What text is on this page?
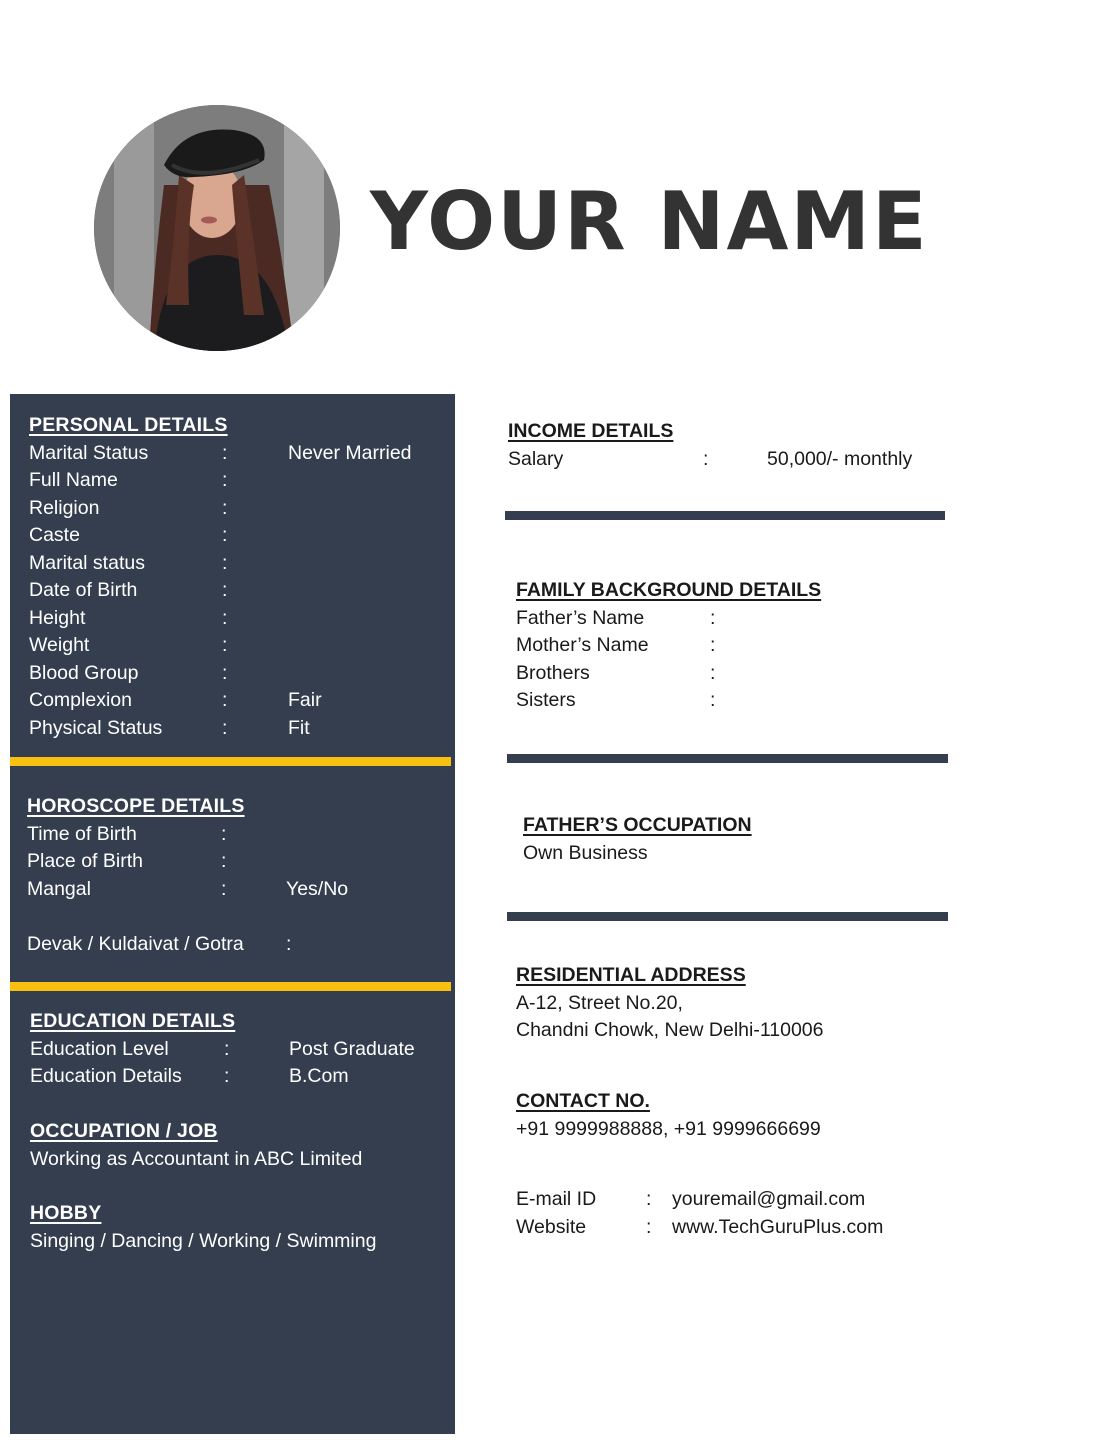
YOUR NAME
PERSONAL DETAILS
Marital Status	:	Never Married
Full Name	:
Religion	:
Caste	:
Marital status	:
Date of Birth	:
Height	:
Weight	:
Blood Group	:
Complexion	:	Fair
Physical Status	:	Fit
HOROSCOPE DETAILS
Time of Birth	:
Place of Birth	:
Mangal	:	Yes/No
Devak / Kuldaivat / Gotra :
EDUCATION DETAILS
Education Level	:	Post Graduate
Education Details :	B.Com
OCCUPATION / JOB
Working as Accountant in ABC Limited
HOBBY
Singing / Dancing / Working / Swimming
INCOME DETAILS
Salary	:	50,000/- monthly
FAMILY BACKGROUND DETAILS
Father’s Name	:
Mother’s Name	:
Brothers	:
Sisters	:
FATHER’S OCCUPATION
Own Business
RESIDENTIAL ADDRESS
A-12, Street No.20,
Chandni Chowk, New Delhi-110006
CONTACT NO.
+91 9999988888, +91 9999666699
E-mail ID	: youremail@gmail.com
Website	: www.TechGuruPlus.com
